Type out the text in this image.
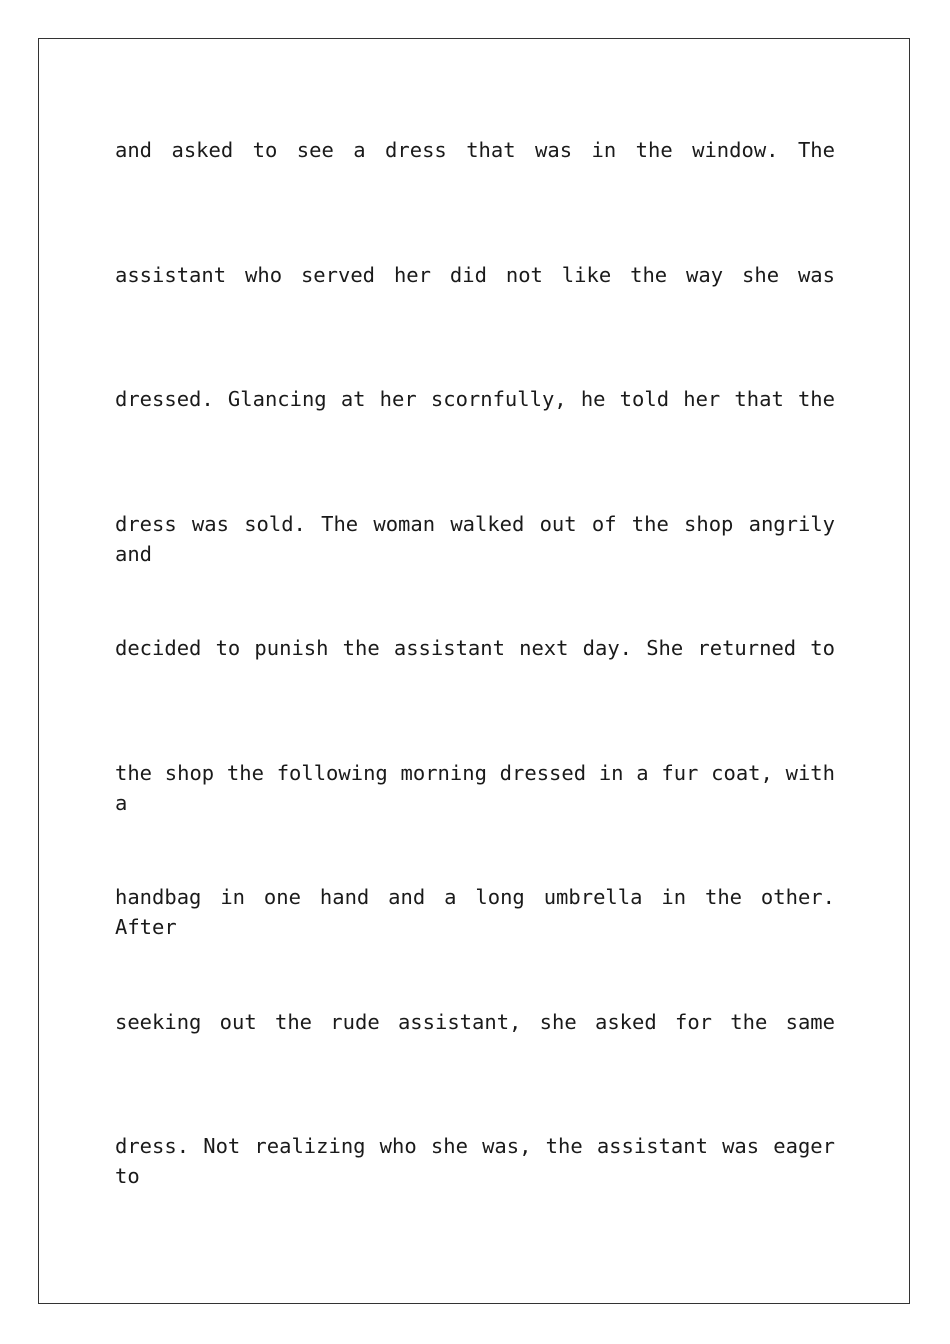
and asked to see a dress that was in the window. The
assistant who served her did not like the way she was
dressed. Glancing at her scornfully, he told her that the
dress was sold. The woman walked out of the shop angrily and
decided to punish the assistant next day. She returned to
the shop the following morning dressed in a fur coat, with a
handbag in one hand and a long umbrella in the other. After
seeking out the rude assistant, she asked for the same
dress. Not realizing who she was, the assistant was eager to
